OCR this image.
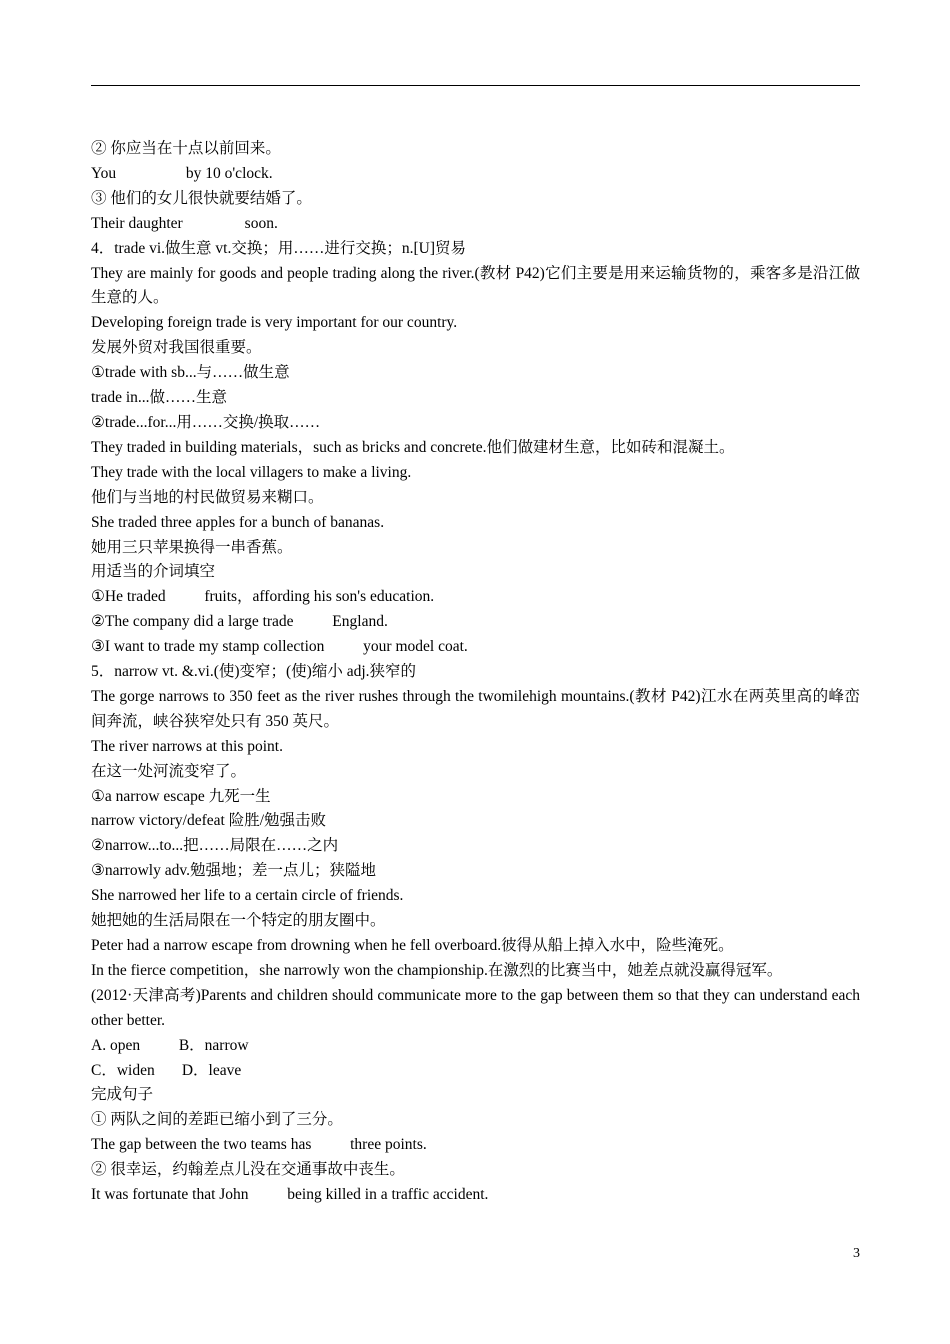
② 你应当在十点以前回来。
You                  by 10 o'clock.
③ 他们的女儿很快就要结婚了。
Their daughter                soon.
4．trade vi.做生意 vt.交换；用……进行交换；n.[U]贸易
They are mainly for goods and people trading along the river.(教材 P42)它们主要是用来运输货物的，乘客多是沿江做生意的人。
Developing foreign trade is very important for our country.
发展外贸对我国很重要。
①trade with sb...与……做生意
trade in...做……生意
②trade...for...用……交换/换取……
They traded in building materials，such as bricks and concrete.他们做建材生意，比如砖和混凝土。
They trade with the local villagers to make a living.
他们与当地的村民做贸易来糊口。
She traded three apples for a bunch of bananas.
她用三只苹果换得一串香蕉。
用适当的介词填空
①He traded          fruits，affording his son's education.
②The company did a large trade          England.
③I want to trade my stamp collection          your model coat.
5．narrow vt. &.vi.(使)变窄；(使)缩小 adj.狭窄的
The gorge narrows to 350 feet as the river rushes through the twomilehigh mountains.(教材 P42)江水在两英里高的峰峦间奔流，峡谷狭窄处只有 350 英尺。
The river narrows at this point.
在这一处河流变窄了。
①a narrow escape 九死一生
narrow victory/defeat 险胜/勉强击败
②narrow...to...把……局限在……之内
③narrowly adv.勉强地；差一点儿；狭隘地
She narrowed her life to a certain circle of friends.
她把她的生活局限在一个特定的朋友圈中。
Peter had a narrow escape from drowning when he fell overboard.彼得从船上掉入水中，险些淹死。
In the fierce competition，she narrowly won the championship.在激烈的比赛当中，她差点就没赢得冠军。
(2012·天津高考)Parents and children should communicate more to the gap between them so that they can understand each other better.
A. open          B．narrow
C．widen       D．leave
完成句子
① 两队之间的差距已缩小到了三分。
The gap between the two teams has          three points.
② 很幸运，约翰差点儿没在交通事故中丧生。
It was fortunate that John          being killed in a traffic accident.
3
